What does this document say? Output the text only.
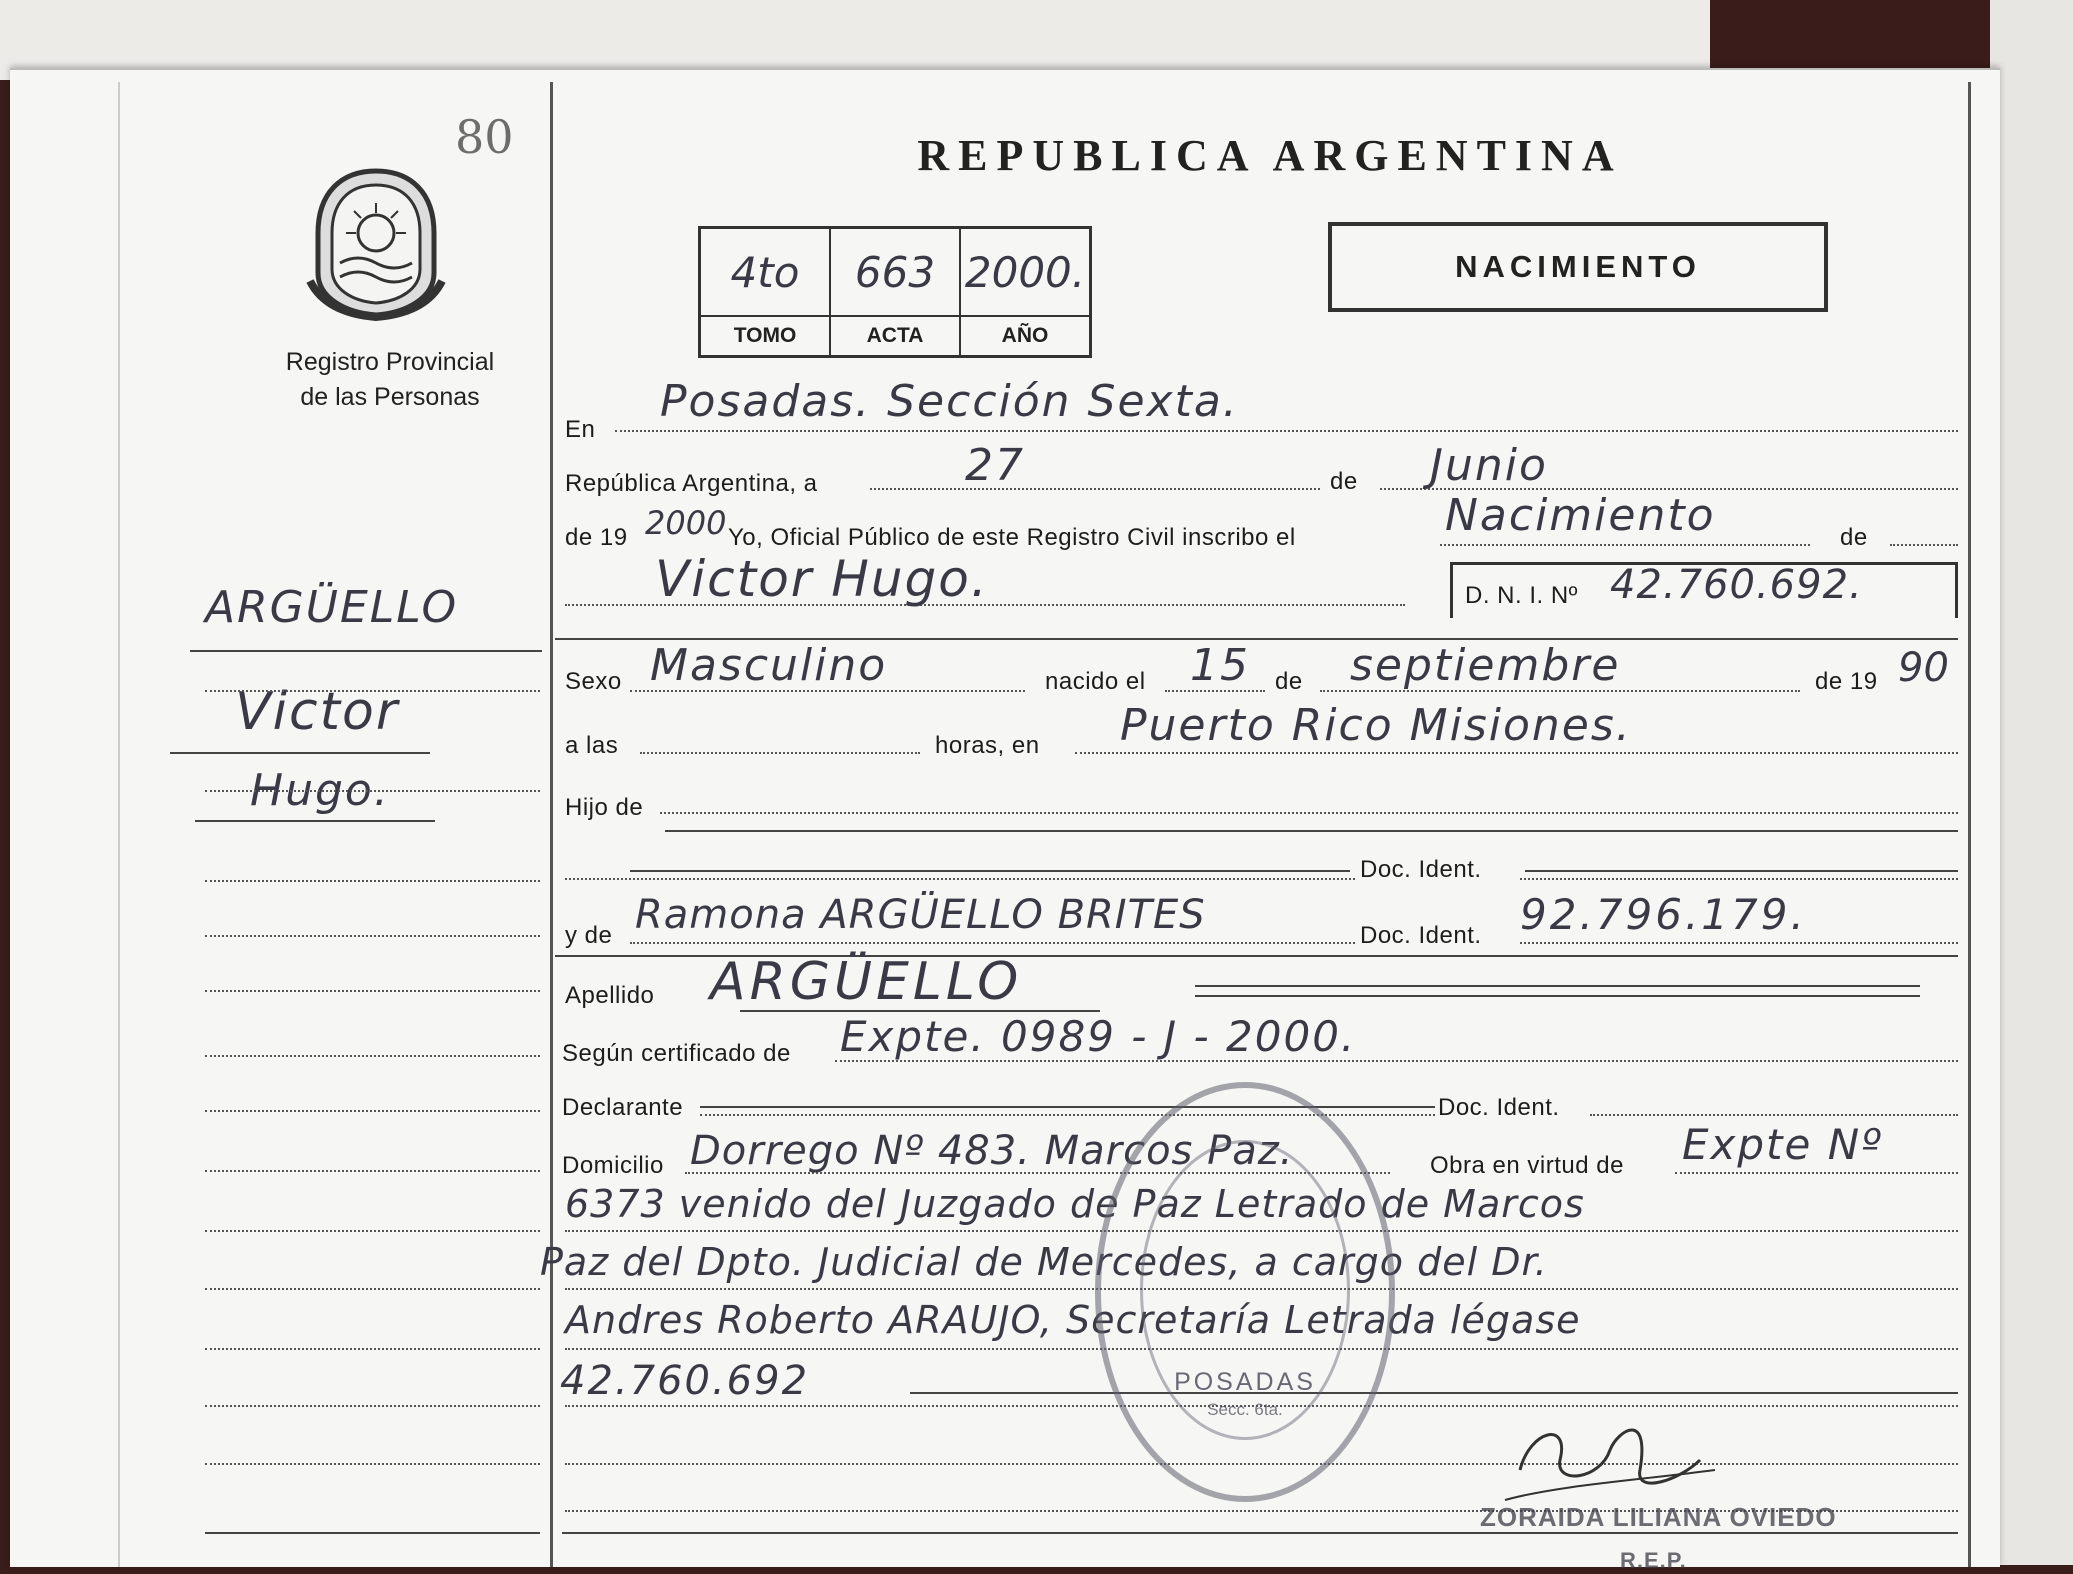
80
Registro Provincial
de las Personas
ARGÜELLO
Victor
Hugo.
REPUBLICA ARGENTINA
4to	663	2000.
TOMO	ACTA	AÑO
NACIMIENTO
En
Posadas. Sección Sexta.
República Argentina, a	27	de Junio
de 19 2000 Yo, Oficial Público de este Registro Civil inscribo el	Nacimiento	de
Victor Hugo.	D. N. I. Nº 42.760.692.
Sexo Masculino	nacido el 15 de septiembre	de 19 90
a las	horas, en Puerto Rico Misiones.
Hijo de
Doc. Ident.
y de Ramona ARGÜELLO BRITES	Doc. Ident. 92.796.179.
Apellido ARGÜELLO
Según certificado de Expte. 0989 - J - 2000.
Declarante	Doc. Ident.
Domicilio Dorrego Nº 483. Marcos Paz.	Obra en virtud de Expte Nº
6373 venido del Juzgado de Paz Letrado de Marcos
Paz del Dpto. Judicial de Mercedes, a cargo del Dr.
Andres Roberto ARAUJO, Secretaría Letrada légase
42.760.692	POSADAS
Secc. 6ta.
ZORAIDA LILIANA OVIEDO
R.E.P.
